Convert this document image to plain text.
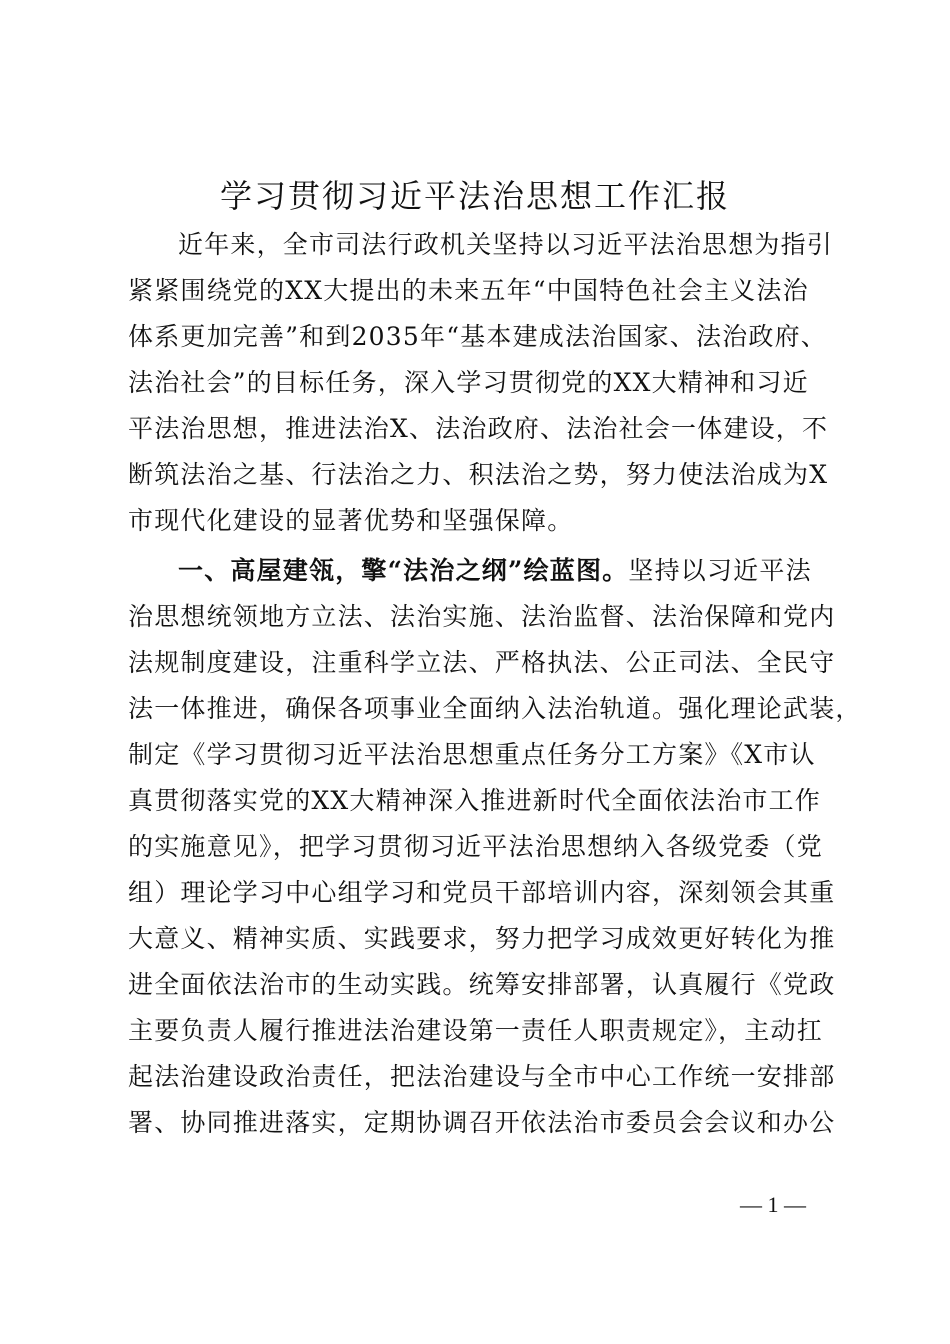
学习贯彻习近平法治思想工作汇报
近年来，全市司法行政机关坚持以习近平法治思想为指引
紧紧围绕党的XX大提出的未来五年“中国特色社会主义法治
体系更加完善”和到2035年“基本建成法治国家、法治政府、
法治社会”的目标任务，深入学习贯彻党的XX大精神和习近
平法治思想，推进法治X、法治政府、法治社会一体建设，不
断筑法治之基、行法治之力、积法治之势，努力使法治成为X
市现代化建设的显著优势和坚强保障。
一、高屋建瓴，擎“法治之纲”绘蓝图。坚持以习近平法
治思想统领地方立法、法治实施、法治监督、法治保障和党内
法规制度建设，注重科学立法、严格执法、公正司法、全民守
法一体推进，确保各项事业全面纳入法治轨道。强化理论武装，
制定《学习贯彻习近平法治思想重点任务分工方案》《X市认
真贯彻落实党的XX大精神深入推进新时代全面依法治市工作
的实施意见》，把学习贯彻习近平法治思想纳入各级党委（党
组）理论学习中心组学习和党员干部培训内容，深刻领会其重
大意义、精神实质、实践要求，努力把学习成效更好转化为推
进全面依法治市的生动实践。统筹安排部署，认真履行《党政
主要负责人履行推进法治建设第一责任人职责规定》，主动扛
起法治建设政治责任，把法治建设与全市中心工作统一安排部
署、协同推进落实，定期协调召开依法治市委员会会议和办公
— 1 —
